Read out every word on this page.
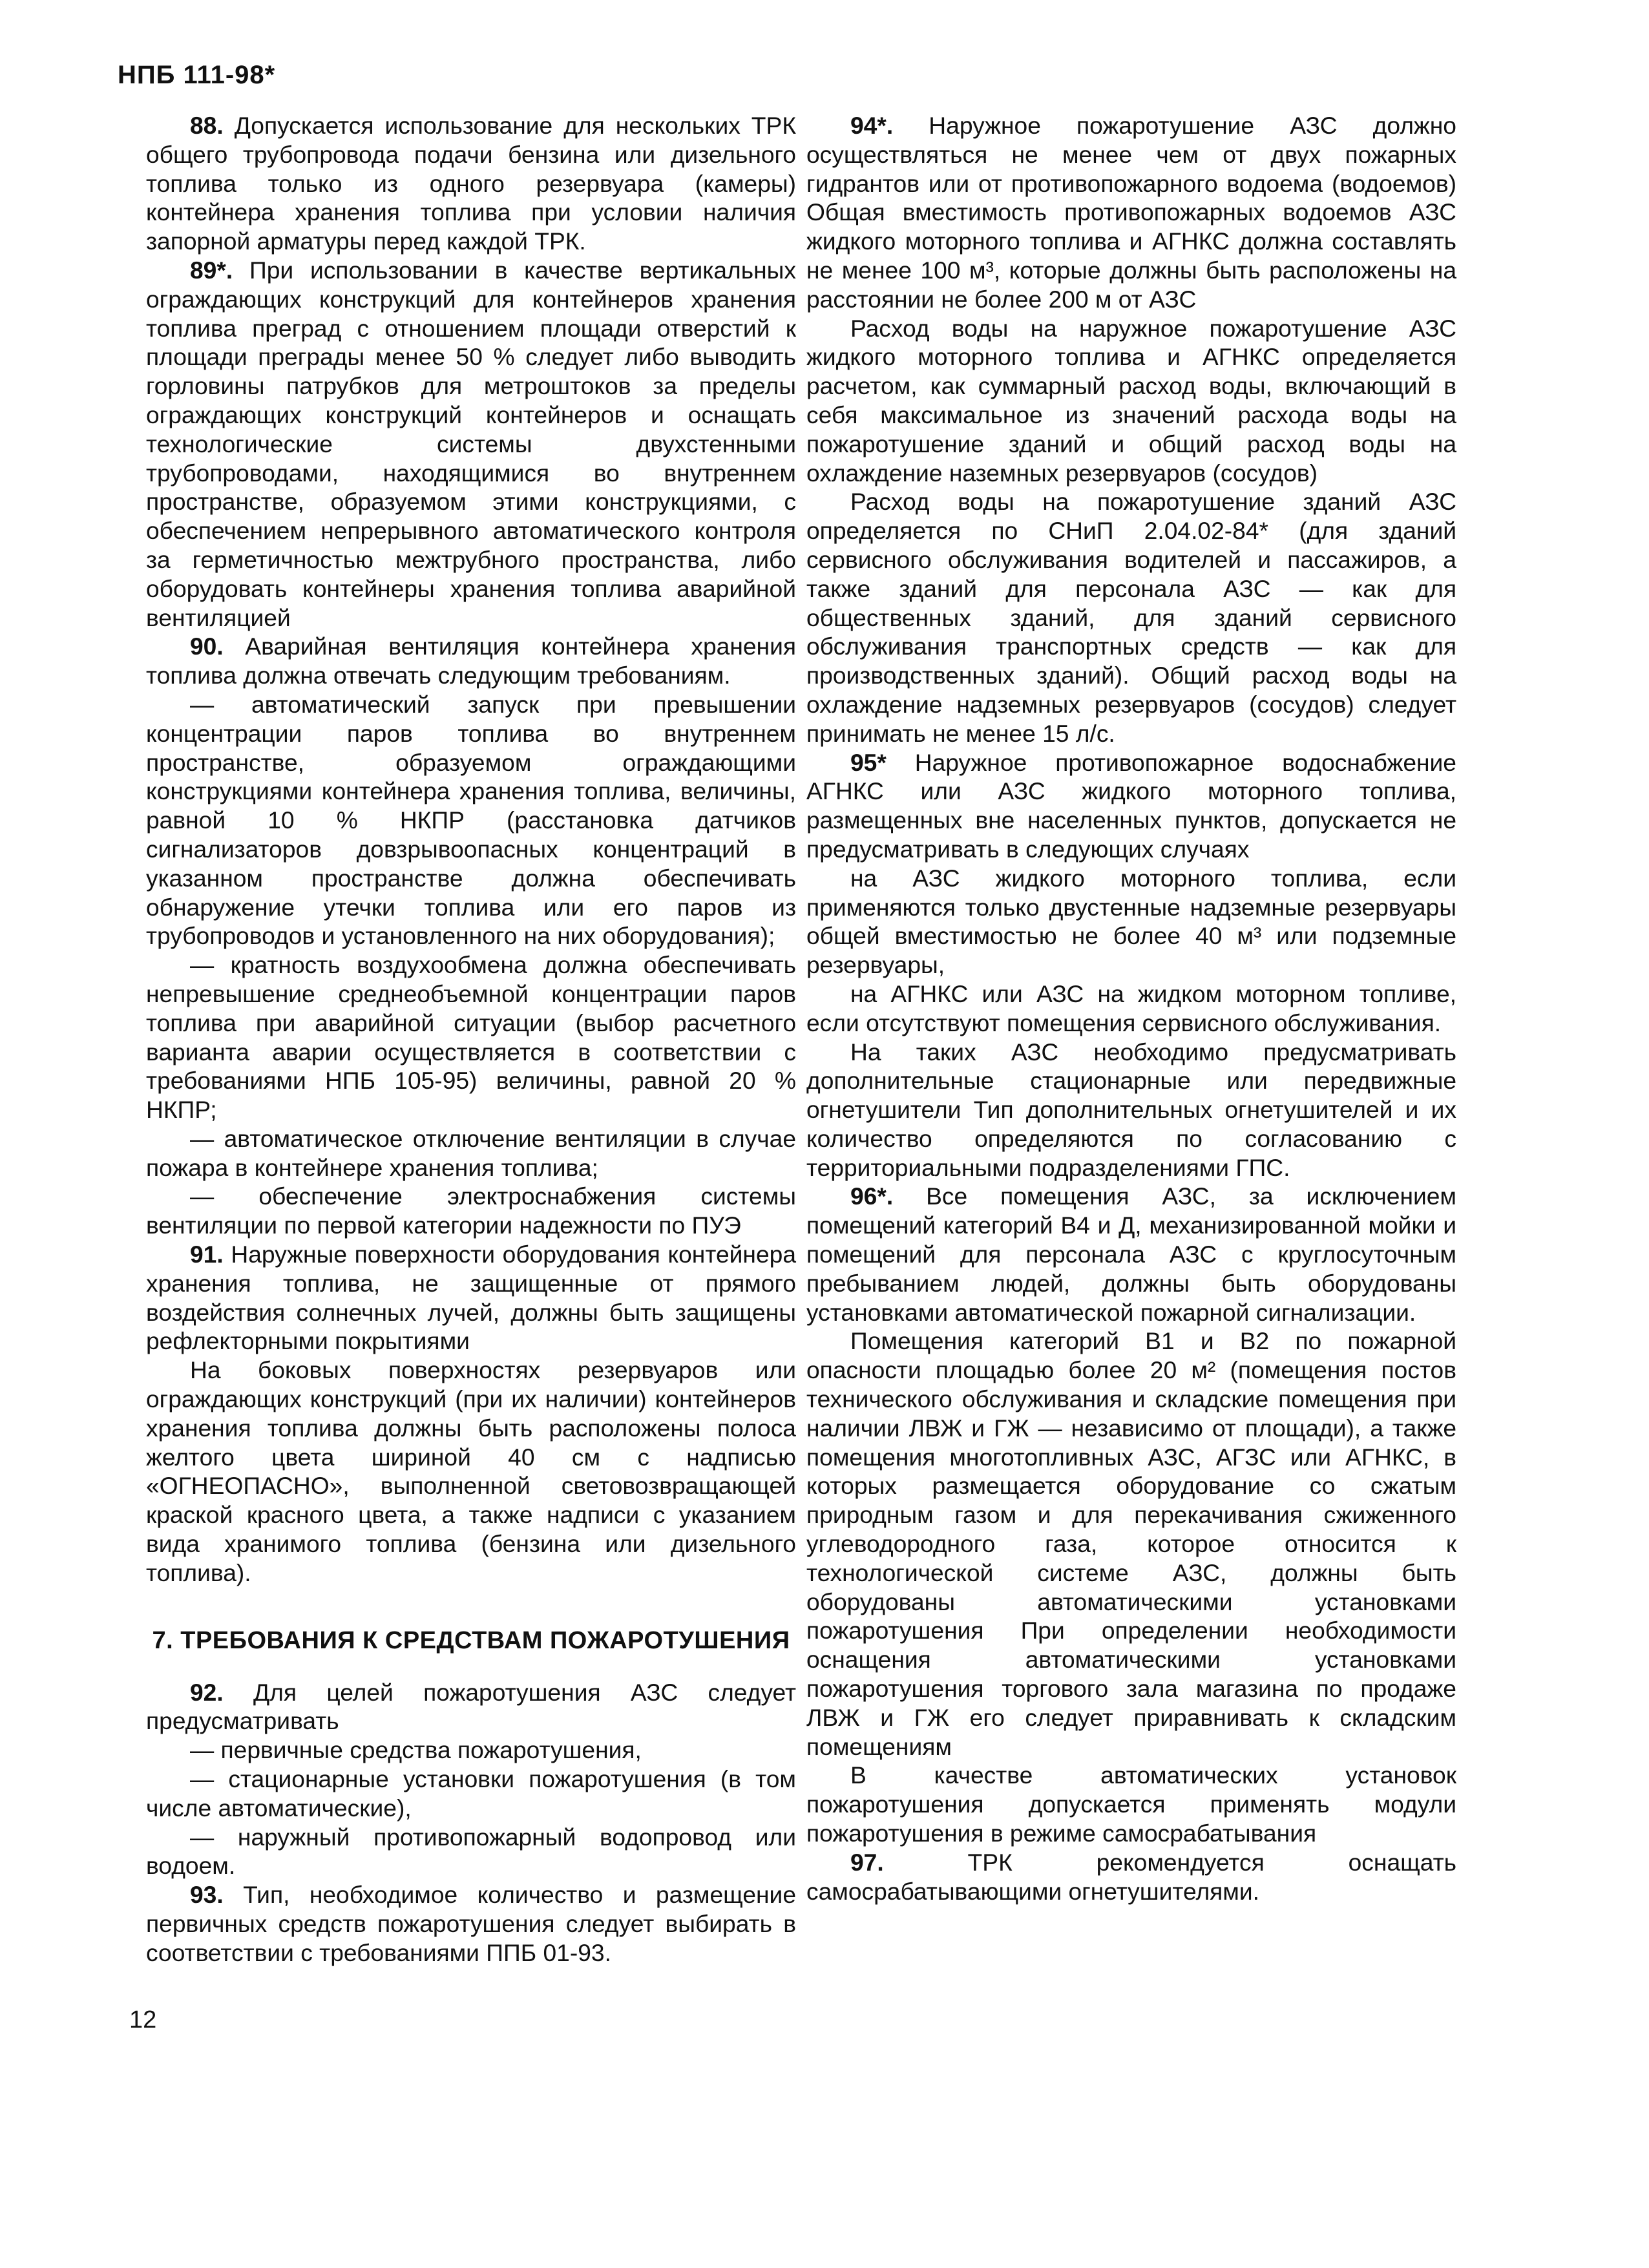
НПБ 111-98*

88. Допускается использование для нескольких ТРК общего трубопровода подачи бензина или дизельного топлива только из одного резервуара (камеры) контейнера хранения топлива при условии наличия запорной арматуры перед каждой ТРК.

89*. При использовании в качестве вертикальных ограждающих конструкций для контейнеров хранения топлива преград с отношением площади отверстий к площади преграды менее 50 % следует либо выводить горловины патрубков для метроштоков за пределы ограждающих конструкций контейнеров и оснащать технологические системы двухстенными трубопроводами, находящимися во внутреннем пространстве, образуемом этими конструкциями, с обеспечением непрерывного автоматического контроля за герметичностью межтрубного пространства, либо оборудовать контейнеры хранения топлива аварийной вентиляцией

90. Аварийная вентиляция контейнера хранения топлива должна отвечать следующим требованиям.

— автоматический запуск при превышении концентрации паров топлива во внутреннем пространстве, образуемом ограждающими конструкциями контейнера хранения топлива, величины, равной 10 % НКПР (расстановка датчиков сигнализаторов довзрывоопасных концентраций в указанном пространстве должна обеспечивать обнаружение утечки топлива или его паров из трубопроводов и установленного на них оборудования);

— кратность воздухообмена должна обеспечивать непревышение среднеобъемной концентрации паров топлива при аварийной ситуации (выбор расчетного варианта аварии осуществляется в соответствии с требованиями НПБ 105-95) величины, равной 20 % НКПР;

— автоматическое отключение вентиляции в случае пожара в контейнере хранения топлива;

— обеспечение электроснабжения системы вентиляции по первой категории надежности по ПУЭ

91. Наружные поверхности оборудования контейнера хранения топлива, не защищенные от прямого воздействия солнечных лучей, должны быть защищены рефлекторными покрытиями

На боковых поверхностях резервуаров или ограждающих конструкций (при их наличии) контейнеров хранения топлива должны быть расположены полоса желтого цвета шириной 40 см с надписью «ОГНЕОПАСНО», выполненной световозвращающей краской красного цвета, а также надписи с указанием вида хранимого топлива (бензина или дизельного топлива).

7. ТРЕБОВАНИЯ К СРЕДСТВАМ ПОЖАРОТУШЕНИЯ

92. Для целей пожаротушения АЗС следует предусматривать

— первичные средства пожаротушения,

— стационарные установки пожаротушения (в том числе автоматические),

— наружный противопожарный водопровод или водоем.

93. Тип, необходимое количество и размещение первичных средств пожаротушения следует выбирать в соответствии с требованиями ППБ 01-93.

94*. Наружное пожаротушение АЗС должно осуществляться не менее чем от двух пожарных гидрантов или от противопожарного водоема (водоемов) Общая вместимость противопожарных водоемов АЗС жидкого моторного топлива и АГНКС должна составлять не менее 100 м³, которые должны быть расположены на расстоянии не более 200 м от АЗС

Расход воды на наружное пожаротушение АЗС жидкого моторного топлива и АГНКС определяется расчетом, как суммарный расход воды, включающий в себя максимальное из значений расхода воды на пожаротушение зданий и общий расход воды на охлаждение наземных резервуаров (сосудов)

Расход воды на пожаротушение зданий АЗС определяется по СНиП 2.04.02-84* (для зданий сервисного обслуживания водителей и пассажиров, а также зданий для персонала АЗС — как для общественных зданий, для зданий сервисного обслуживания транспортных средств — как для производственных зданий). Общий расход воды на охлаждение надземных резервуаров (сосудов) следует принимать не менее 15 л/с.

95* Наружное противопожарное водоснабжение АГНКС или АЗС жидкого моторного топлива, размещенных вне населенных пунктов, допускается не предусматривать в следующих случаях

на АЗС жидкого моторного топлива, если применяются только двустенные надземные резервуары общей вместимостью не более 40 м³ или подземные резервуары,

на АГНКС или АЗС на жидком моторном топливе, если отсутствуют помещения сервисного обслуживания.

На таких АЗС необходимо предусматривать дополнительные стационарные или передвижные огнетушители Тип дополнительных огнетушителей и их количество определяются по согласованию с территориальными подразделениями ГПС.

96*. Все помещения АЗС, за исключением помещений категорий В4 и Д, механизированной мойки и помещений для персонала АЗС с круглосуточным пребыванием людей, должны быть оборудованы установками автоматической пожарной сигнализации.

Помещения категорий В1 и В2 по пожарной опасности площадью более 20 м² (помещения постов технического обслуживания и складские помещения при наличии ЛВЖ и ГЖ — независимо от площади), а также помещения многотопливных АЗС, АГЗС или АГНКС, в которых размещается оборудование со сжатым природным газом и для перекачивания сжиженного углеводородного газа, которое относится к технологической системе АЗС, должны быть оборудованы автоматическими установками пожаротушения При определении необходимости оснащения автоматическими установками пожаротушения торгового зала магазина по продаже ЛВЖ и ГЖ его следует приравнивать к складским помещениям

В качестве автоматических установок пожаротушения допускается применять модули пожаротушения в режиме самосрабатывания

97. ТРК рекомендуется оснащать самосрабатывающими огнетушителями.

12
